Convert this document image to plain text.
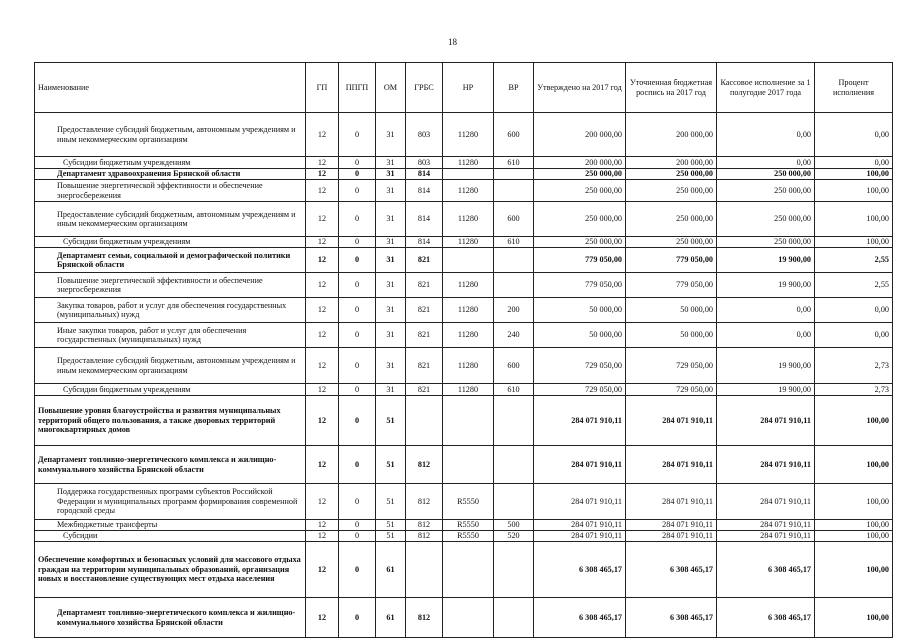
18
Наименование	ГП	ППГП	ОМ	ГРБС	НР	ВР	Утверждено на 2017 год	Уточненная бюджетная роспись на 2017 год	Кассовое исполнение за 1 полугодие 2017 года	Процент исполнения
Предоставление субсидий бюджетным, автономным учреждениям и иным некоммерческим организациям	12	0	31	803	11280	600	200 000,00	200 000,00	0,00	0,00
Субсидии бюджетным учреждениям	12	0	31	803	11280	610	200 000,00	200 000,00	0,00	0,00
Департамент здравоохранения Брянской области	12	0	31	814			250 000,00	250 000,00	250 000,00	100,00
Повышение энергетической эффективности и обеспечение энергосбережения	12	0	31	814	11280		250 000,00	250 000,00	250 000,00	100,00
Предоставление субсидий бюджетным, автономным учреждениям и иным некоммерческим организациям	12	0	31	814	11280	600	250 000,00	250 000,00	250 000,00	100,00
Субсидии бюджетным учреждениям	12	0	31	814	11280	610	250 000,00	250 000,00	250 000,00	100,00
Департамент семьи, социальной и демографической политики Брянской области	12	0	31	821			779 050,00	779 050,00	19 900,00	2,55
Повышение энергетической эффективности и обеспечение энергосбережения	12	0	31	821	11280		779 050,00	779 050,00	19 900,00	2,55
Закупка товаров, работ и услуг для обеспечения государственных (муниципальных) нужд	12	0	31	821	11280	200	50 000,00	50 000,00	0,00	0,00
Иные закупки товаров, работ и услуг для обеспечения государственных (муниципальных) нужд	12	0	31	821	11280	240	50 000,00	50 000,00	0,00	0,00
Предоставление субсидий бюджетным, автономным учреждениям и иным некоммерческим организациям	12	0	31	821	11280	600	729 050,00	729 050,00	19 900,00	2,73
Субсидии бюджетным учреждениям	12	0	31	821	11280	610	729 050,00	729 050,00	19 900,00	2,73
Повышение уровня благоустройства и развития муниципальных территорий общего пользования, а также дворовых территорий многоквартирных домов	12	0	51				284 071 910,11	284 071 910,11	284 071 910,11	100,00
Департамент топливно-энергетического комплекса и жилищно-коммунального хозяйства Брянской области	12	0	51	812			284 071 910,11	284 071 910,11	284 071 910,11	100,00
Поддержка государственных программ субъектов Российской Федерации и муниципальных программ формирования современной городской среды	12	0	51	812	R5550		284 071 910,11	284 071 910,11	284 071 910,11	100,00
Межбюджетные трансферты	12	0	51	812	R5550	500	284 071 910,11	284 071 910,11	284 071 910,11	100,00
Субсидии	12	0	51	812	R5550	520	284 071 910,11	284 071 910,11	284 071 910,11	100,00
Обеспечение комфортных и безопасных условий для массового отдыха граждан на территории муниципальных образований, организация новых и восстановление существующих мест отдыха населения	12	0	61				6 308 465,17	6 308 465,17	6 308 465,17	100,00
Департамент топливно-энергетического комплекса и жилищно-коммунального хозяйства Брянской области	12	0	61	812			6 308 465,17	6 308 465,17	6 308 465,17	100,00
